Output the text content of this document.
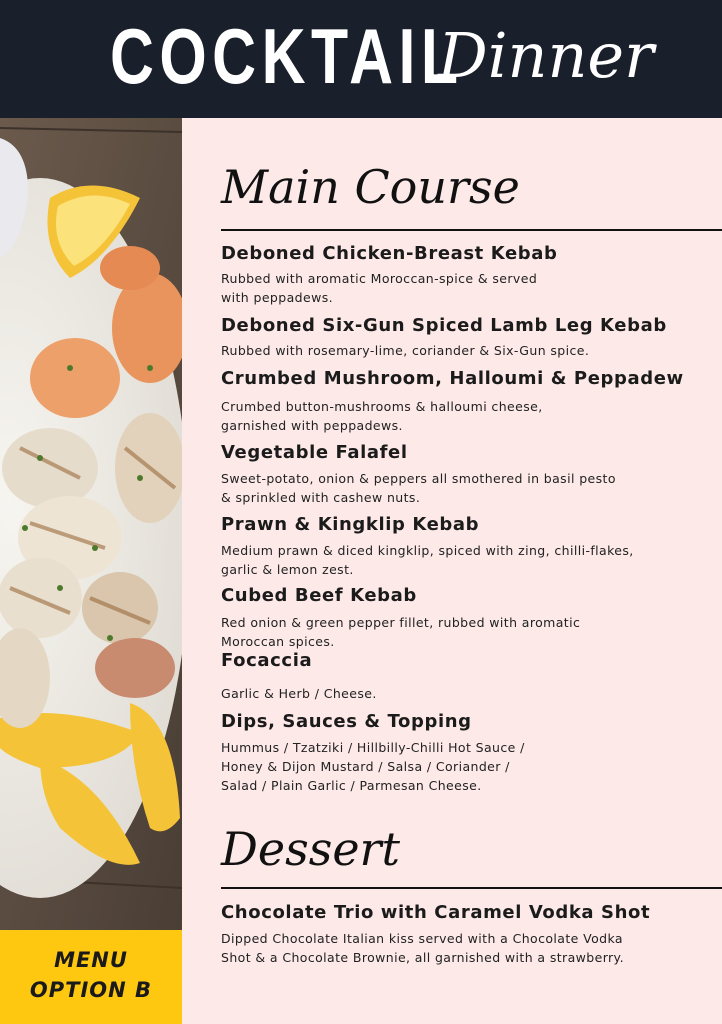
COCKTAIL
Dinner
MENU
OPTION B
Main Course
Deboned Chicken-Breast Kebab
Rubbed with aromatic Moroccan-spice & served
with peppadews.
Deboned Six-Gun Spiced Lamb Leg Kebab
Rubbed with rosemary-lime, coriander & Six-Gun spice.
Crumbed Mushroom, Halloumi & Peppadew
Crumbed button-mushrooms & halloumi cheese,
garnished with peppadews.
Vegetable Falafel
Sweet-potato, onion & peppers all smothered in basil pesto
& sprinkled with cashew nuts.
Prawn & Kingklip Kebab
Medium prawn & diced kingklip, spiced with zing, chilli-flakes,
garlic & lemon zest.
Cubed Beef Kebab
Red onion & green pepper fillet, rubbed with aromatic
Moroccan spices.
Focaccia
Garlic & Herb / Cheese.
Dips, Sauces & Topping
Hummus / Tzatziki / Hillbilly-Chilli Hot Sauce /
Honey & Dijon Mustard / Salsa / Coriander /
Salad / Plain Garlic / Parmesan Cheese.
Dessert
Chocolate Trio with Caramel Vodka Shot
Dipped Chocolate Italian kiss served with a Chocolate Vodka
Shot & a Chocolate Brownie, all garnished with a strawberry.
